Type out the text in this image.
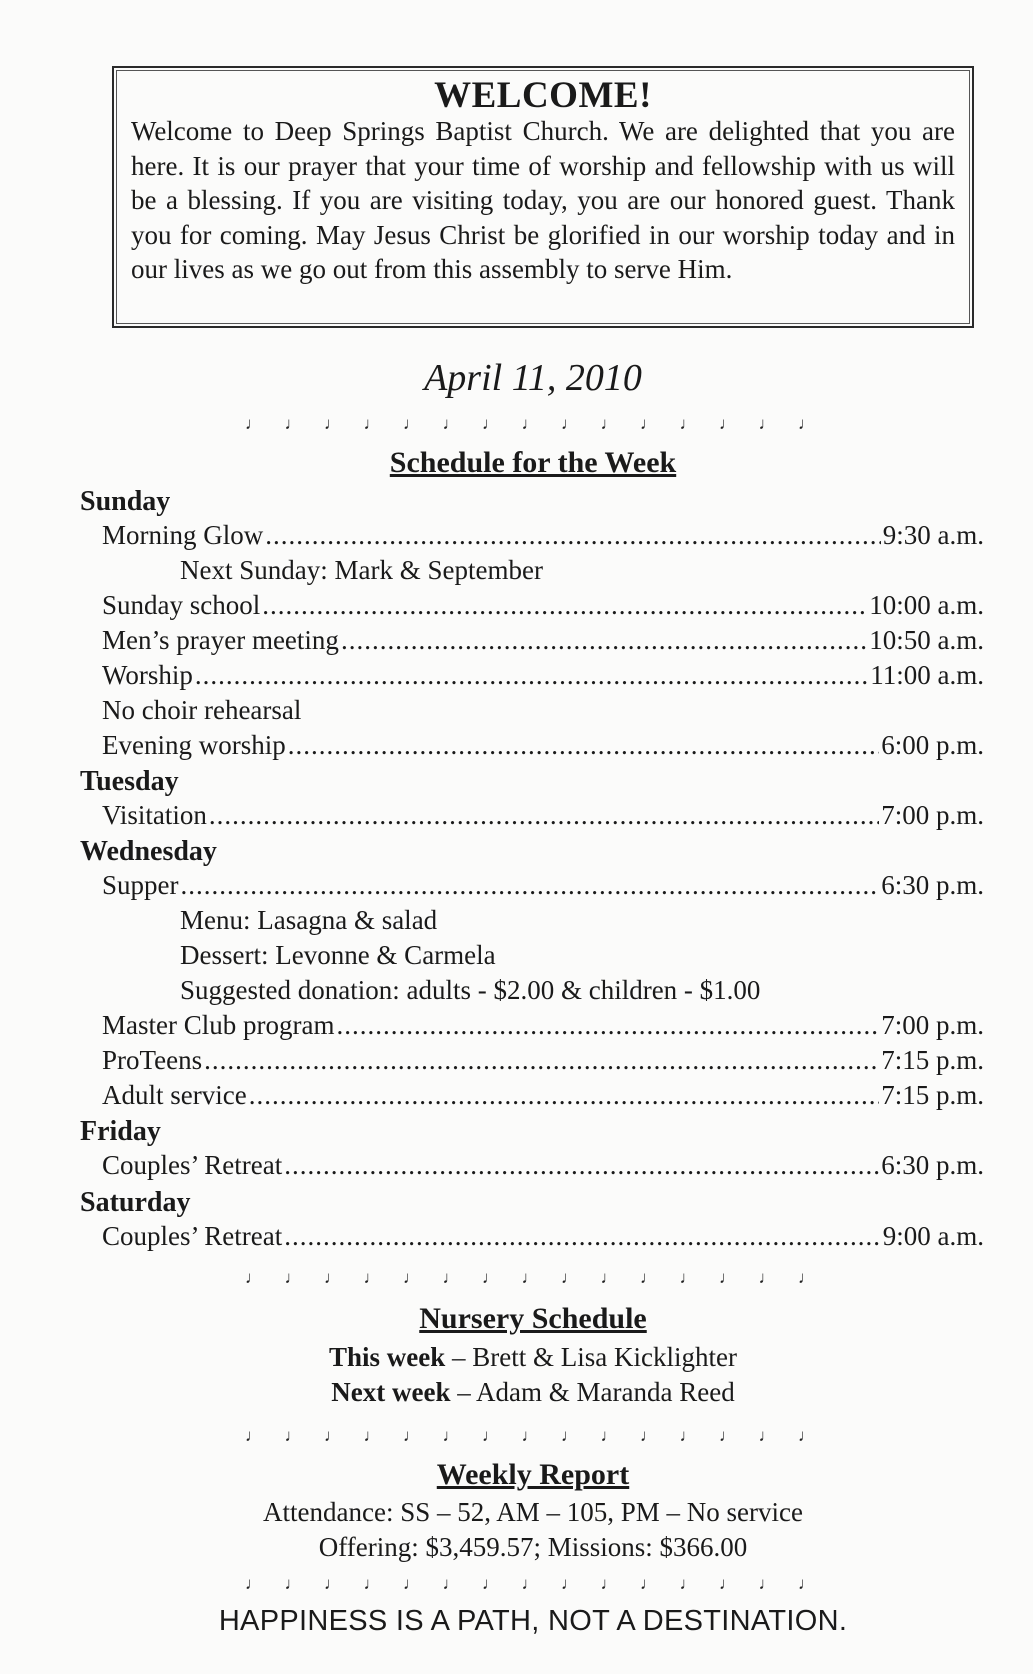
WELCOME!
Welcome to Deep Springs Baptist Church. We are delighted that you are here. It is our prayer that your time of worship and fellowship with us will be a blessing. If you are visiting today, you are our honored guest. Thank you for coming. May Jesus Christ be glorified in our worship today and in our lives as we go out from this assembly to serve Him.
April 11, 2010
♩ ♩ ♩ ♩ ♩ ♩ ♩ ♩ ♩ ♩ ♩ ♩ ♩ ♩ ♩
Schedule for the Week
Sunday
Morning Glow .....	9:30 a.m.
Next Sunday: Mark & September
Sunday school .....	10:00 a.m.
Men’s prayer meeting .....	10:50 a.m.
Worship .....	11:00 a.m.
No choir rehearsal
Evening worship .....	6:00 p.m.
Tuesday
Visitation .....	7:00 p.m.
Wednesday
Supper .....	6:30 p.m.
Menu: Lasagna & salad
Dessert: Levonne & Carmela
Suggested donation: adults - $2.00 & children - $1.00
Master Club program .....	7:00 p.m.
ProTeens .....	7:15 p.m.
Adult service .....	7:15 p.m.
Friday
Couples’ Retreat .....	6:30 p.m.
Saturday
Couples’ Retreat .....	9:00 a.m.
♩ ♩ ♩ ♩ ♩ ♩ ♩ ♩ ♩ ♩ ♩ ♩ ♩ ♩ ♩
Nursery Schedule
This week – Brett & Lisa Kicklighter
Next week – Adam & Maranda Reed
♩ ♩ ♩ ♩ ♩ ♩ ♩ ♩ ♩ ♩ ♩ ♩ ♩ ♩ ♩
Weekly Report
Attendance: SS – 52, AM – 105, PM – No service
Offering: $3,459.57; Missions: $366.00
♩ ♩ ♩ ♩ ♩ ♩ ♩ ♩ ♩ ♩ ♩ ♩ ♩ ♩ ♩
HAPPINESS IS A PATH, NOT A DESTINATION.
